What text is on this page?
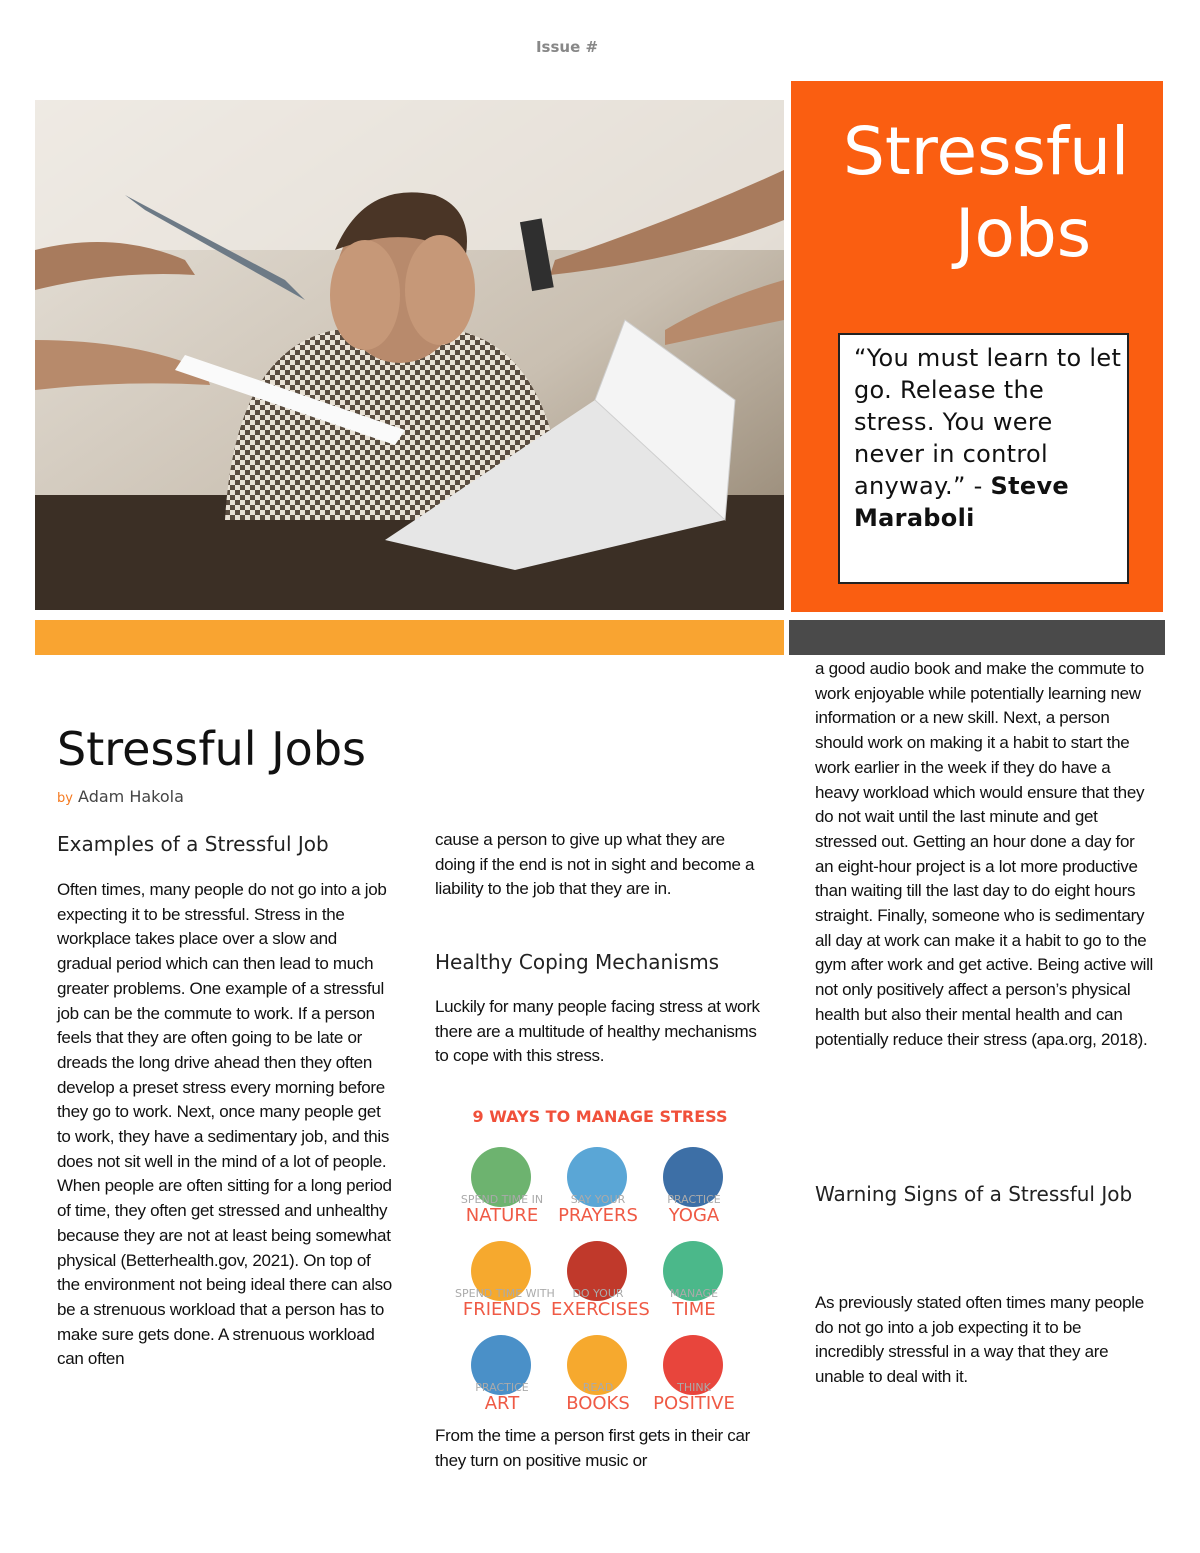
Issue #
Stressful
Jobs
“You must learn to let go. Release the stress. You were never in control anyway.” - Steve Maraboli
Stressful Jobs
by Adam Hakola
Examples of a Stressful Job
Often times, many people do not go into a job expecting it to be stressful. Stress in the workplace takes place over a slow and gradual period which can then lead to much greater problems. One example of a stressful job can be the commute to work. If a person feels that they are often going to be late or dreads the long drive ahead then they often develop a preset stress every morning before they go to work. Next, once many people get to work, they have a sedimentary job, and this does not sit well in the mind of a lot of people. When people are often sitting for a long period of time, they often get stressed and unhealthy because they are not at least being somewhat physical (Betterhealth.gov, 2021). On top of the environment not being ideal there can also be a strenuous workload that a person has to make sure gets done. A strenuous workload can often
cause a person to give up what they are doing if the end is not in sight and become a liability to the job that they are in.
Healthy Coping Mechanisms
Luckily for many people facing stress at work there are a multitude of healthy mechanisms to cope with this stress.
9 WAYS TO MANAGE STRESS
SPEND TIME IN
NATURE
SAY YOUR
PRAYERS
PRACTICE
YOGA
SPEND TIME WITH
FRIENDS
DO YOUR
EXERCISES
MANAGE
TIME
PRACTICE
ART
READ
BOOKS
THINK
POSITIVE
From the time a person first gets in their car they turn on positive music or
a good audio book and make the commute to work enjoyable while potentially learning new information or a new skill. Next, a person should work on making it a habit to start the work earlier in the week if they do have a heavy workload which would ensure that they do not wait until the last minute and get stressed out. Getting an hour done a day for an eight-hour project is a lot more productive than waiting till the last day to do eight hours straight. Finally, someone who is sedimentary all day at work can make it a habit to go to the gym after work and get active. Being active will not only positively affect a person’s physical health but also their mental health and can potentially reduce their stress (apa.org, 2018).
Warning Signs of a Stressful Job
As previously stated often times many people do not go into a job expecting it to be incredibly stressful in a way that they are unable to deal with it.
